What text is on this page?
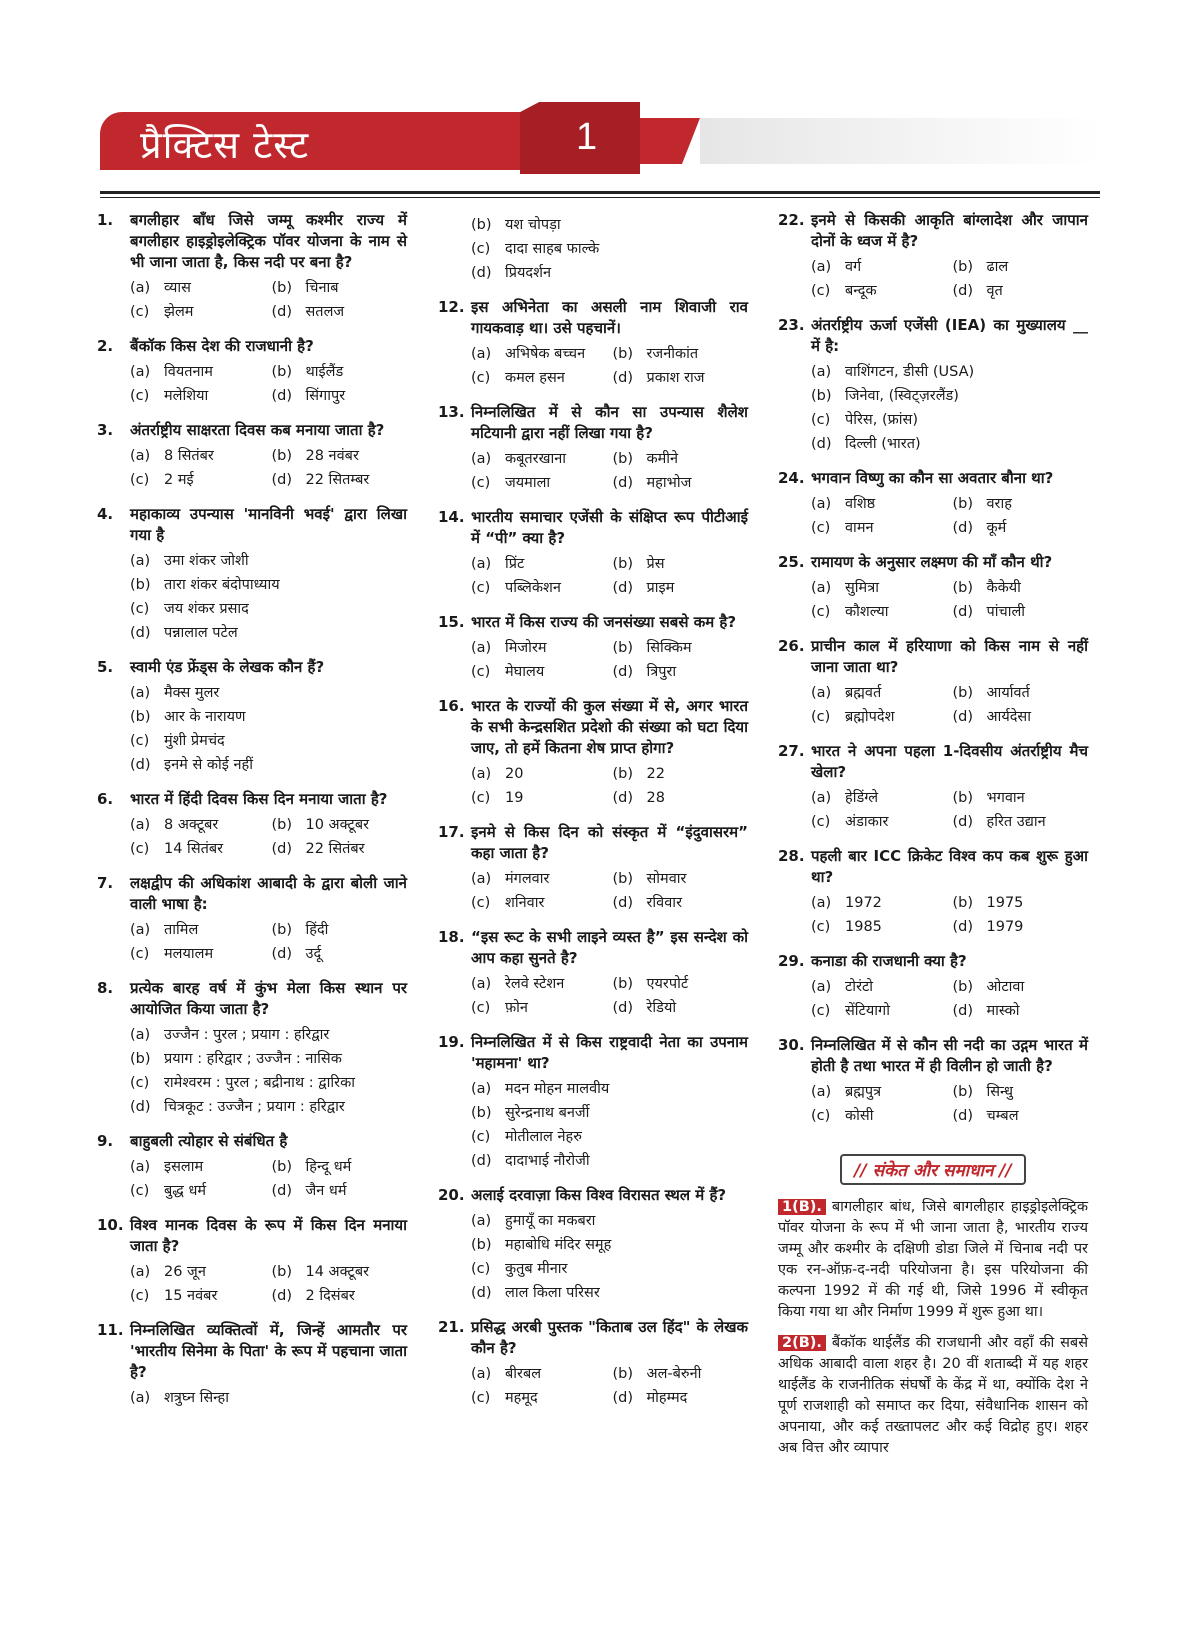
प्रैक्टिस टेस्ट	1
1. बगलीहार बाँध जिसे जम्मू कश्मीर राज्य में बगलीहार हाइड्रोइलेक्ट्रिक पॉवर योजना के नाम से भी जाना जाता है, किस नदी पर बना है?
(a) व्यास	(b) चिनाब
(c) झेलम	(d) सतलज
2. बैंकॉक किस देश की राजधानी है?
(a) वियतनाम	(b) थाईलैंड
(c) मलेशिया	(d) सिंगापुर
3. अंतर्राष्ट्रीय साक्षरता दिवस कब मनाया जाता है?
(a) 8 सितंबर	(b) 28 नवंबर
(c) 2 मई	(d) 22 सितम्बर
4. महाकाव्य उपन्यास 'मानविनी भवई' द्वारा लिखा गया है
(a) उमा शंकर जोशी
(b) तारा शंकर बंदोपाध्याय
(c) जय शंकर प्रसाद
(d) पन्नालाल पटेल
5. स्वामी एंड फ्रेंड्स के लेखक कौन हैं?
(a) मैक्स मुलर
(b) आर के नारायण
(c) मुंशी प्रेमचंद
(d) इनमे से कोई नहीं
6. भारत में हिंदी दिवस किस दिन मनाया जाता है?
(a) 8 अक्टूबर	(b) 10 अक्टूबर
(c) 14 सितंबर	(d) 22 सितंबर
7. लक्षद्वीप की अधिकांश आबादी के द्वारा बोली जाने वाली भाषा है:
(a) तामिल	(b) हिंदी
(c) मलयालम	(d) उर्दू
8. प्रत्येक बारह वर्ष में कुंभ मेला किस स्थान पर आयोजित किया जाता है?
(a) उज्जैन : पुरल ; प्रयाग : हरिद्वार
(b) प्रयाग : हरिद्वार ; उज्जैन : नासिक
(c) रामेश्वरम : पुरल ; बद्रीनाथ : द्वारिका
(d) चित्रकूट : उज्जैन ; प्रयाग : हरिद्वार
9. बाहुबली त्योहार से संबंधित है
(a) इसलाम	(b) हिन्दू धर्म
(c) बुद्ध धर्म	(d) जैन धर्म
10. विश्व मानक दिवस के रूप में किस दिन मनाया जाता है?
(a) 26 जून	(b) 14 अक्टूबर
(c) 15 नवंबर	(d) 2 दिसंबर
11. निम्नलिखित व्यक्तित्वों में, जिन्हें आमतौर पर 'भारतीय सिनेमा के पिता' के रूप में पहचाना जाता है?
(a) शत्रुघ्न सिन्हा
(b) यश चोपड़ा
(c) दादा साहब फाल्के
(d) प्रियदर्शन
12. इस अभिनेता का असली नाम शिवाजी राव गायकवाड़ था। उसे पहचानें।
(a) अभिषेक बच्चन	(b) रजनीकांत
(c) कमल हसन	(d) प्रकाश राज
13. निम्नलिखित में से कौन सा उपन्यास शैलेश मटियानी द्वारा नहीं लिखा गया है?
(a) कबूतरखाना	(b) कमीने
(c) जयमाला	(d) महाभोज
14. भारतीय समाचार एजेंसी के संक्षिप्त रूप पीटीआई में “पी” क्या है?
(a) प्रिंट	(b) प्रेस
(c) पब्लिकेशन	(d) प्राइम
15. भारत में किस राज्य की जनसंख्या सबसे कम है?
(a) मिजोरम	(b) सिक्किम
(c) मेघालय	(d) त्रिपुरा
16. भारत के राज्यों की कुल संख्या में से, अगर भारत के सभी केन्द्रसशित प्रदेशो की संख्या को घटा दिया जाए, तो हमें कितना शेष प्राप्त होगा?
(a) 20	(b) 22
(c) 19	(d) 28
17. इनमे से किस दिन को संस्कृत में “इंदुवासरम” कहा जाता है?
(a) मंगलवार	(b) सोमवार
(c) शनिवार	(d) रविवार
18. “इस रूट के सभी लाइने व्यस्त है” इस सन्देश को आप कहा सुनते है?
(a) रेलवे स्टेशन	(b) एयरपोर्ट
(c) फ़ोन	(d) रेडियो
19. निम्नलिखित में से किस राष्ट्रवादी नेता का उपनाम 'महामना' था?
(a) मदन मोहन मालवीय
(b) सुरेन्द्रनाथ बनर्जी
(c) मोतीलाल नेहरु
(d) दादाभाई नौरोजी
20. अलाई दरवाज़ा किस विश्व विरासत स्थल में हैं?
(a) हुमायूँ का मकबरा
(b) महाबोधि मंदिर समूह
(c) कुतुब मीनार
(d) लाल किला परिसर
21. प्रसिद्ध अरबी पुस्तक "किताब उल हिंद" के लेखक कौन है?
(a) बीरबल	(b) अल-बेरुनी
(c) महमूद	(d) मोहम्मद
22. इनमे से किसकी आकृति बांग्लादेश और जापान दोनों के ध्वज में है?
(a) वर्ग	(b) ढाल
(c) बन्दूक	(d) वृत
23. अंतर्राष्ट्रीय ऊर्जा एजेंसी (IEA) का मुख्यालय __ में है:
(a) वाशिंगटन, डीसी (USA)
(b) जिनेवा, (स्विट्ज़रलैंड)
(c) पेरिस, (फ्रांस)
(d) दिल्ली (भारत)
24. भगवान विष्णु का कौन सा अवतार बौना था?
(a) वशिष्ठ	(b) वराह
(c) वामन	(d) कूर्म
25. रामायण के अनुसार लक्ष्मण की माँ कौन थी?
(a) सुमित्रा	(b) कैकेयी
(c) कौशल्या	(d) पांचाली
26. प्राचीन काल में हरियाणा को किस नाम से नहीं जाना जाता था?
(a) ब्रह्मवर्त	(b) आर्यावर्त
(c) ब्रह्मोपदेश	(d) आर्यदेसा
27. भारत ने अपना पहला 1-दिवसीय अंतर्राष्ट्रीय मैच खेला?
(a) हेडिंग्ले	(b) भगवान
(c) अंडाकार	(d) हरित उद्यान
28. पहली बार ICC क्रिकेट विश्व कप कब शुरू हुआ था?
(a) 1972	(b) 1975
(c) 1985	(d) 1979
29. कनाडा की राजधानी क्या है?
(a) टोरंटो	(b) ओटावा
(c) सेंटियागो	(d) मास्को
30. निम्नलिखित में से कौन सी नदी का उद्गम भारत में होती है तथा भारत में ही विलीन हो जाती है?
(a) ब्रह्मपुत्र	(b) सिन्धु
(c) कोसी	(d) चम्बल
// संकेत और समाधान //
1(B). बागलीहार बांध, जिसे बागलीहार हाइड्रोइलेक्ट्रिक पॉवर योजना के रूप में भी जाना जाता है, भारतीय राज्य जम्मू और कश्मीर के दक्षिणी डोडा जिले में चिनाब नदी पर एक रन-ऑफ़-द-नदी परियोजना है। इस परियोजना की कल्पना 1992 में की गई थी, जिसे 1996 में स्वीकृत किया गया था और निर्माण 1999 में शुरू हुआ था।
2(B). बैंकॉक थाईलैंड की राजधानी और वहाँ की सबसे अधिक आबादी वाला शहर है। 20 वीं शताब्दी में यह शहर थाईलैंड के राजनीतिक संघर्षों के केंद्र में था, क्योंकि देश ने पूर्ण राजशाही को समाप्त कर दिया, संवैधानिक शासन को अपनाया, और कई तख्तापलट और कई विद्रोह हुए। शहर अब वित्त और व्यापार
